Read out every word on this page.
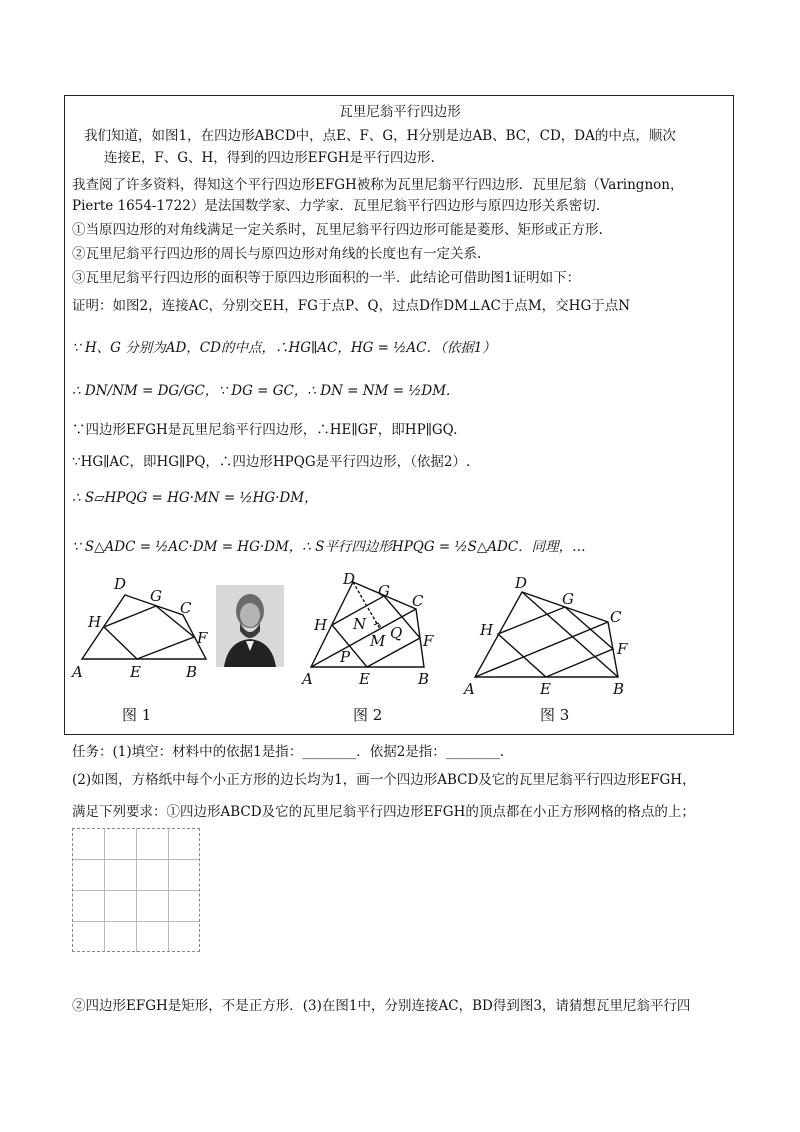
瓦里尼翁平行四边形
我们知道，如图1，在四边形ABCD中，点E、F、G，H分别是边AB、BC，CD，DA的中点，顺次
连接E，F、G、H，得到的四边形EFGH是平行四边形.
我查阅了许多资料，得知这个平行四边形EFGH被称为瓦里尼翁平行四边形．瓦里尼翁（Varingnon，
Pierte 1654-1722）是法国数学家、力学家．瓦里尼翁平行四边形与原四边形关系密切.
①当原四边形的对角线满足一定关系时，瓦里尼翁平行四边形可能是菱形、矩形或正方形.
②瓦里尼翁平行四边形的周长与原四边形对角线的长度也有一定关系.
③瓦里尼翁平行四边形的面积等于原四边形面积的一半．此结论可借助图1证明如下：
证明：如图2，连接AC，分别交EH，FG于点P、Q，过点D作DM⊥AC于点M，交HG于点N
∵ H、G 分别为AD，CD的中点，∴HG∥AC，HG = ½AC．（依据1）
∴ DN/NM = DG/GC，∵ DG = GC，∴ DN = NM = ½DM.
∵四边形EFGH是瓦里尼翁平行四边形，∴HE∥GF，即HP∥GQ.
∵HG∥AC，即HG∥PQ，∴四边形HPQG是平行四边形，（依据2）.
∴ S▱HPQG = HG·MN = ½HG·DM，
∵ S△ADC = ½AC·DM = HG·DM，∴ S平行四边形HPQG = ½S△ADC．同理，…
D
G
C
H
F
A	E	B
D
G
C
H N Q
M	F
P
A	E	B
D
G
C
H
F
A	E	B
图 1	图 2	图 3
任务：(1)填空：材料中的依据1是指：________．依据2是指：________.
(2)如图，方格纸中每个小正方形的边长均为1，画一个四边形ABCD及它的瓦里尼翁平行四边形EFGH，
满足下列要求：①四边形ABCD及它的瓦里尼翁平行四边形EFGH的顶点都在小正方形网格的格点的上；
②四边形EFGH是矩形，不是正方形．(3)在图1中，分别连接AC，BD得到图3，请猜想瓦里尼翁平行四
